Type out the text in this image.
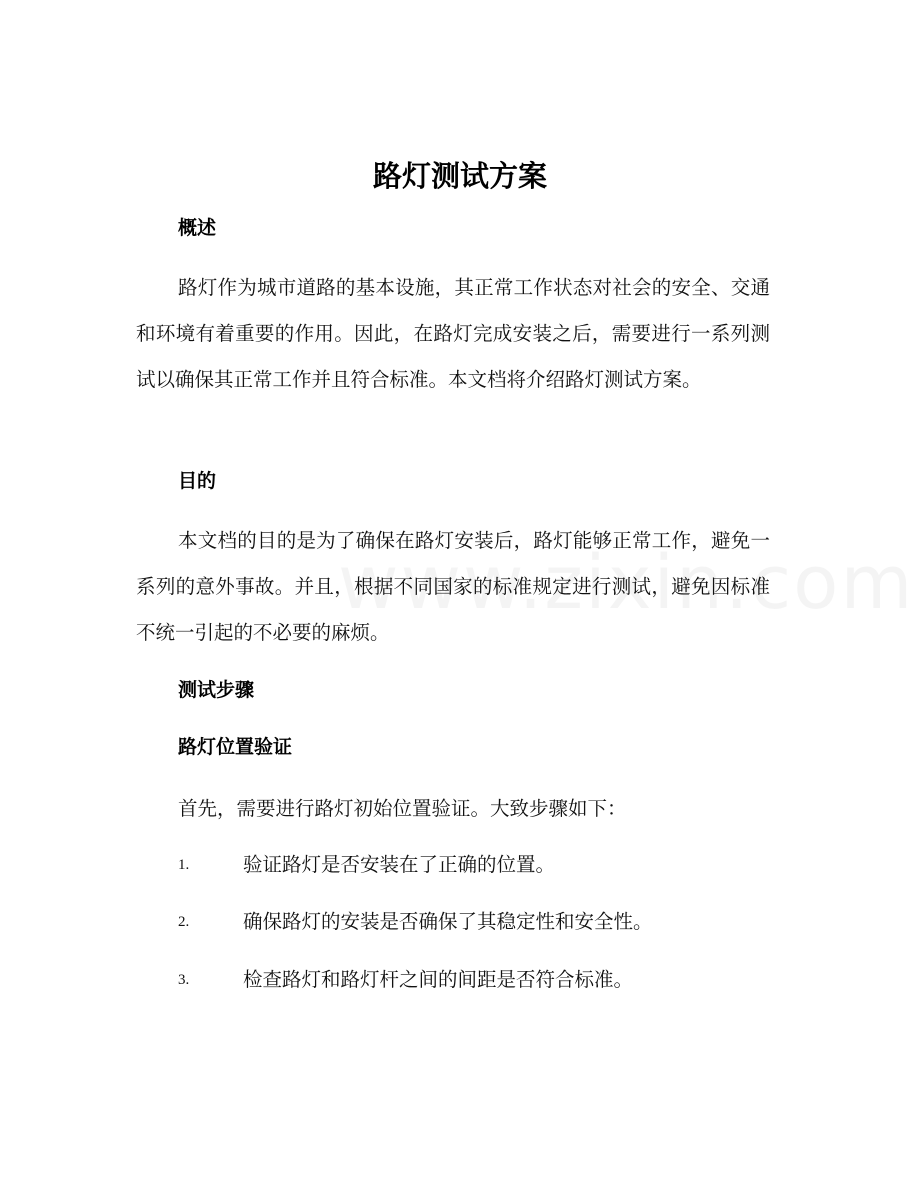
路灯测试方案
概述
路灯作为城市道路的基本设施，其正常工作状态对社会的安全、交通和环境有着重要的作用。因此，在路灯完成安装之后，需要进行一系列测试以确保其正常工作并且符合标准。本文档将介绍路灯测试方案。
目的
本文档的目的是为了确保在路灯安装后，路灯能够正常工作，避免一系列的意外事故。并且，根据不同国家的标准规定进行测试，避免因标准不统一引起的不必要的麻烦。
测试步骤
路灯位置验证
首先，需要进行路灯初始位置验证。大致步骤如下：
1.	验证路灯是否安装在了正确的位置。
2.	确保路灯的安装是否确保了其稳定性和安全性。
3.	检查路灯和路灯杆之间的间距是否符合标准。
